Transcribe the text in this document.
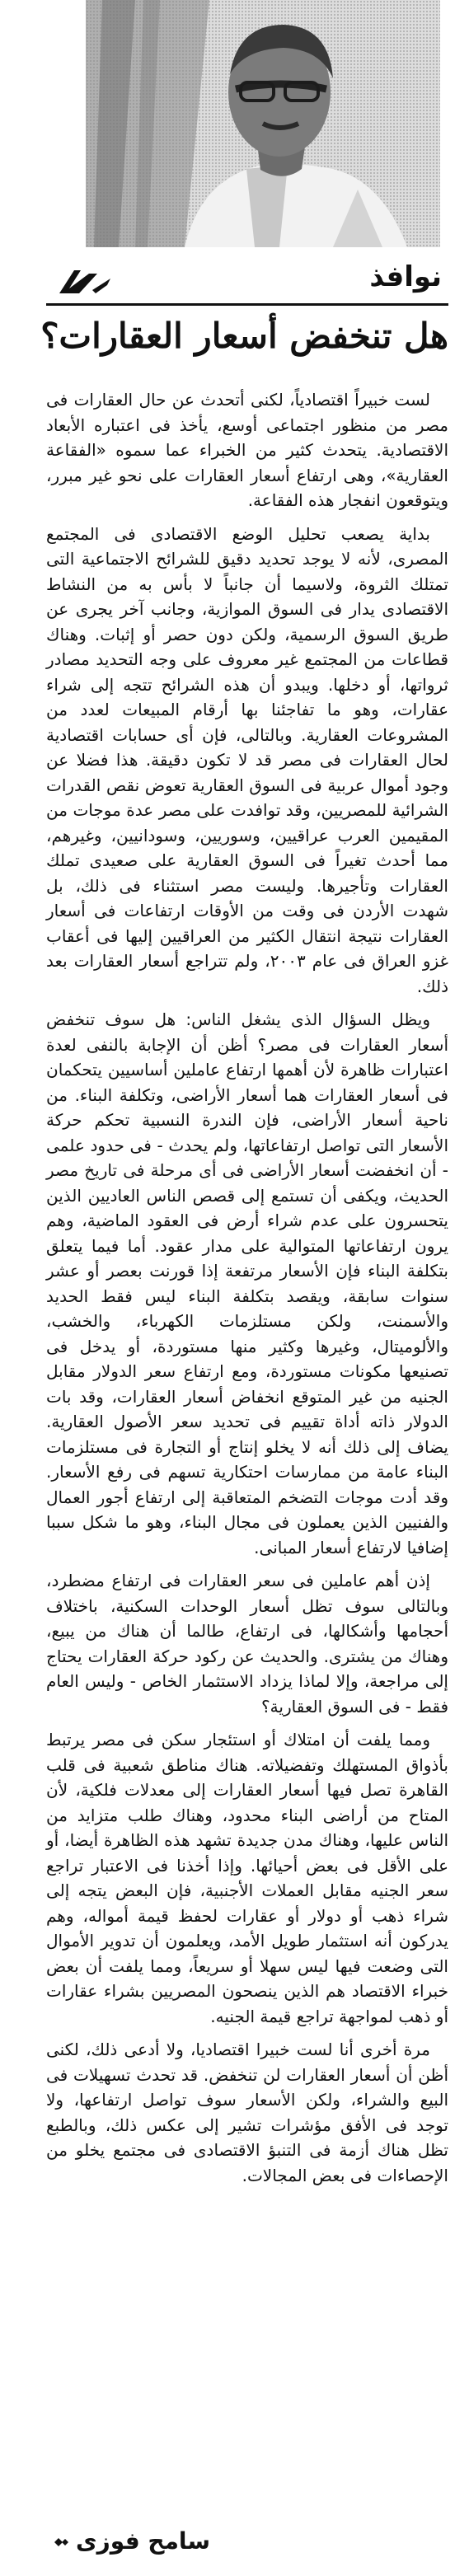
نوافذ
هل تنخفض أسعار العقارات؟

لست خبيراً اقتصادياً، لكنى أتحدث عن حال العقارات فى مصر من منظور اجتماعى أوسع، يأخذ فى اعتباره الأبعاد الاقتصادية. يتحدث كثير من الخبراء عما سموه «الفقاعة العقارية»، وهى ارتفاع أسعار العقارات على نحو غير مبرر، ويتوقعون انفجار هذه الفقاعة.

بداية يصعب تحليل الوضع الاقتصادى فى المجتمع المصرى، لأنه لا يوجد تحديد دقيق للشرائح الاجتماعية التى تمتلك الثروة، ولاسيما أن جانباً لا بأس به من النشاط الاقتصادى يدار فى السوق الموازية، وجانب آخر يجرى عن طريق السوق الرسمية، ولكن دون حصر أو إثبات. وهناك قطاعات من المجتمع غير معروف على وجه التحديد مصادر ثرواتها، أو دخلها. ويبدو أن هذه الشرائح تتجه إلى شراء عقارات، وهو ما تفاجئنا بها أرقام المبيعات لعدد من المشروعات العقارية. وبالتالى، فإن أى حسابات اقتصادية لحال العقارات فى مصر قد لا تكون دقيقة. هذا فضلا عن وجود أموال عربية فى السوق العقارية تعوض نقص القدرات الشرائية للمصريين، وقد توافدت على مصر عدة موجات من المقيمين العرب عراقيين، وسوريين، وسودانيين، وغيرهم، مما أحدث تغيراً فى السوق العقارية على صعيدى تملك العقارات وتأجيرها. وليست مصر استثناء فى ذلك، بل شهدت الأردن فى وقت من الأوقات ارتفاعات فى أسعار العقارات نتيجة انتقال الكثير من العراقيين إليها فى أعقاب غزو العراق فى عام ٢٠٠٣، ولم تتراجع أسعار العقارات بعد ذلك.

ويظل السؤال الذى يشغل الناس: هل سوف تنخفض أسعار العقارات فى مصر؟ أظن أن الإجابة بالنفى لعدة اعتبارات ظاهرة لأن أهمها ارتفاع عاملين أساسيين يتحكمان فى أسعار العقارات هما أسعار الأراضى، وتكلفة البناء. من ناحية أسعار الأراضى، فإن الندرة النسبية تحكم حركة الأسعار التى تواصل ارتفاعاتها، ولم يحدث - فى حدود علمى - أن انخفضت أسعار الأراضى فى أى مرحلة فى تاريخ مصر الحديث، ويكفى أن تستمع إلى قصص الناس العاديين الذين يتحسرون على عدم شراء أرض فى العقود الماضية، وهم يرون ارتفاعاتها المتوالية على مدار عقود. أما فيما يتعلق بتكلفة البناء فإن الأسعار مرتفعة إذا قورنت بعصر أو عشر سنوات سابقة، ويقصد بتكلفة البناء ليس فقط الحديد والأسمنت، ولكن مستلزمات الكهرباء، والخشب، والألوميتال، وغيرها وكثير منها مستوردة، أو يدخل فى تصنيعها مكونات مستوردة، ومع ارتفاع سعر الدولار مقابل الجنيه من غير المتوقع انخفاض أسعار العقارات، وقد بات الدولار ذاته أداة تقييم فى تحديد سعر الأصول العقارية. يضاف إلى ذلك أنه لا يخلو إنتاج أو التجارة فى مستلزمات البناء عامة من ممارسات احتكارية تسهم فى رفع الأسعار. وقد أدت موجات التضخم المتعاقبة إلى ارتفاع أجور العمال والفنيين الذين يعملون فى مجال البناء، وهو ما شكل سببا إضافيا لارتفاع أسعار المبانى.

إذن أهم عاملين فى سعر العقارات فى ارتفاع مضطرد، وبالتالى سوف تظل أسعار الوحدات السكنية، باختلاف أحجامها وأشكالها، فى ارتفاع، طالما أن هناك من يبيع، وهناك من يشترى. والحديث عن ركود حركة العقارات يحتاج إلى مراجعة، وإلا لماذا يزداد الاستثمار الخاص - وليس العام فقط - فى السوق العقارية؟

ومما يلفت أن امتلاك أو استئجار سكن فى مصر يرتبط بأذواق المستهلك وتفضيلاته. هناك مناطق شعبية فى قلب القاهرة تصل فيها أسعار العقارات إلى معدلات فلكية، لأن المتاح من أراضى البناء محدود، وهناك طلب متزايد من الناس عليها، وهناك مدن جديدة تشهد هذه الظاهرة أيضا، أو على الأقل فى بعض أحيائها. وإذا أخذنا فى الاعتبار تراجع سعر الجنيه مقابل العملات الأجنبية، فإن البعض يتجه إلى شراء ذهب أو دولار أو عقارات لحفظ قيمة أمواله، وهم يدركون أنه استثمار طويل الأمد، ويعلمون أن تدوير الأموال التى وضعت فيها ليس سهلا أو سريعاً، ومما يلفت أن بعض خبراء الاقتصاد هم الذين ينصحون المصريين بشراء عقارات أو ذهب لمواجهة تراجع قيمة الجنيه.

مرة أخرى أنا لست خبيرا اقتصاديا، ولا أدعى ذلك، لكنى أظن أن أسعار العقارات لن تنخفض. قد تحدث تسهيلات فى البيع والشراء، ولكن الأسعار سوف تواصل ارتفاعها، ولا توجد فى الأفق مؤشرات تشير إلى عكس ذلك، وبالطبع تظل هناك أزمة فى التنبؤ الاقتصادى فى مجتمع يخلو من الإحصاءات فى بعض المجالات.

سامح فوزى
